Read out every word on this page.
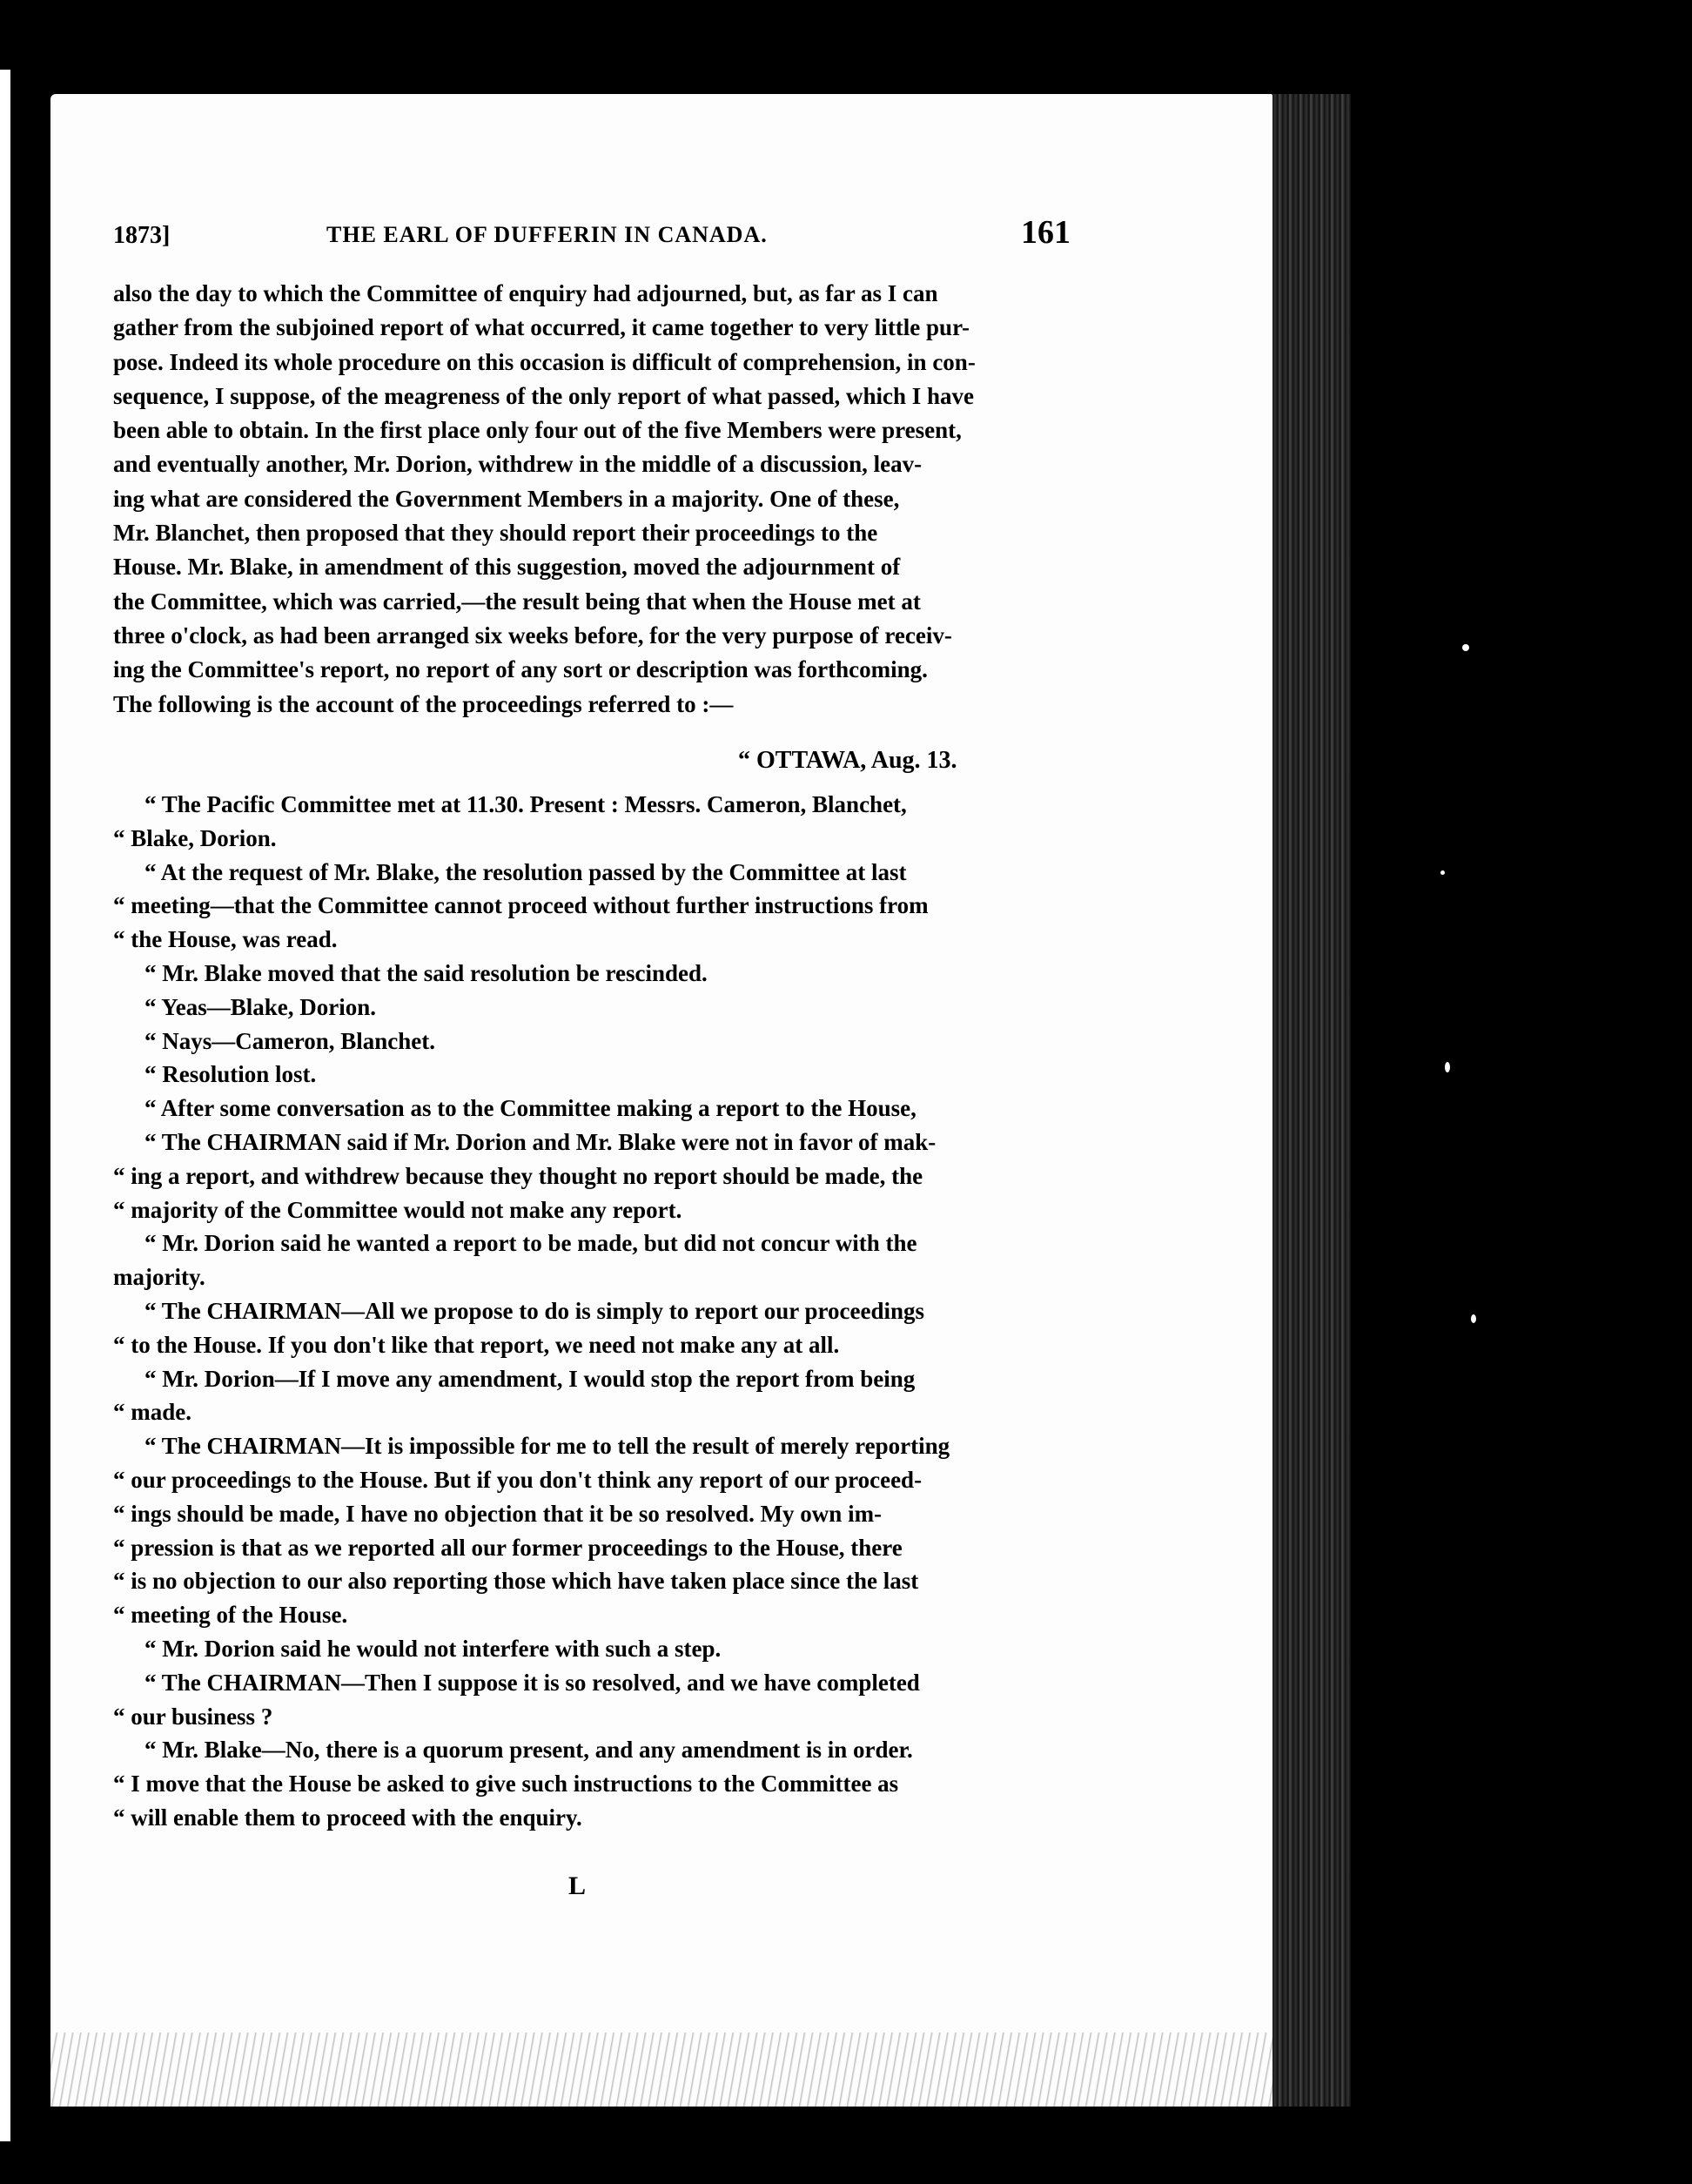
1873]	THE EARL OF DUFFERIN IN CANADA.	161

also the day to which the Committee of enquiry had adjourned, but, as far as I can

gather from the subjoined report of what occurred, it came together to very little pur-

pose. Indeed its whole procedure on this occasion is difficult of comprehension, in con-

sequence, I suppose, of the meagreness of the only report of what passed, which I have

been able to obtain. In the first place only four out of the five Members were present,

and eventually another, Mr. Dorion, withdrew in the middle of a discussion, leav-

ing what are considered the Government Members in a majority. One of these,

Mr. Blanchet, then proposed that they should report their proceedings to the

House. Mr. Blake, in amendment of this suggestion, moved the adjournment of

the Committee, which was carried,—the result being that when the House met at

three o'clock, as had been arranged six weeks before, for the very purpose of receiv-

ing the Committee's report, no report of any sort or description was forthcoming.

The following is the account of the proceedings referred to :—

“ OTTAWA, Aug. 13.

“ The Pacific Committee met at 11.30. Present : Messrs. Cameron, Blanchet,

“ Blake, Dorion.

“ At the request of Mr. Blake, the resolution passed by the Committee at last

“ meeting—that the Committee cannot proceed without further instructions from

“ the House, was read.

“ Mr. Blake moved that the said resolution be rescinded.

“ Yeas—Blake, Dorion.

“ Nays—Cameron, Blanchet.

“ Resolution lost.

“ After some conversation as to the Committee making a report to the House,

“ The CHAIRMAN said if Mr. Dorion and Mr. Blake were not in favor of mak-

“ ing a report, and withdrew because they thought no report should be made, the

“ majority of the Committee would not make any report.

“ Mr. Dorion said he wanted a report to be made, but did not concur with the

majority.

“ The CHAIRMAN—All we propose to do is simply to report our proceedings

“ to the House. If you don't like that report, we need not make any at all.

“ Mr. Dorion—If I move any amendment, I would stop the report from being

“ made.

“ The CHAIRMAN—It is impossible for me to tell the result of merely reporting

“ our proceedings to the House. But if you don't think any report of our proceed-

“ ings should be made, I have no objection that it be so resolved. My own im-

“ pression is that as we reported all our former proceedings to the House, there

“ is no objection to our also reporting those which have taken place since the last

“ meeting of the House.

“ Mr. Dorion said he would not interfere with such a step.

“ The CHAIRMAN—Then I suppose it is so resolved, and we have completed

“ our business ?

“ Mr. Blake—No, there is a quorum present, and any amendment is in order.

“ I move that the House be asked to give such instructions to the Committee as

“ will enable them to proceed with the enquiry.

L
